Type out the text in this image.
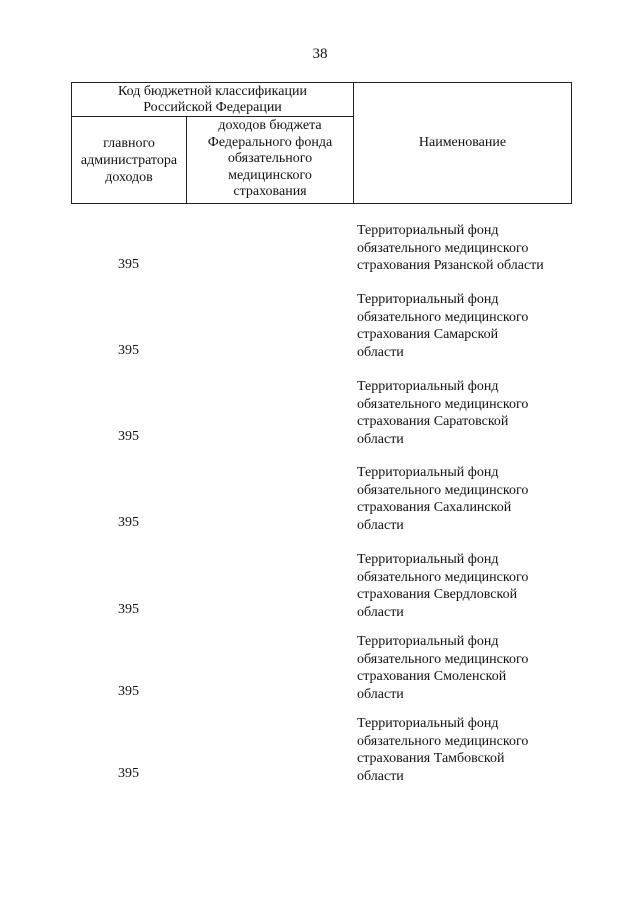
38
Код бюджетной классификации
Российской Федерации
главного
администратора
доходов
доходов бюджета
Федерального фонда
обязательного
медицинского
страхования
Наименование
395
Территориальный фонд
обязательного медицинского
страхования Рязанской области
395
Территориальный фонд
обязательного медицинского
страхования Самарской
области
395
Территориальный фонд
обязательного медицинского
страхования Саратовской
области
395
Территориальный фонд
обязательного медицинского
страхования Сахалинской
области
395
Территориальный фонд
обязательного медицинского
страхования Свердловской
области
395
Территориальный фонд
обязательного медицинского
страхования Смоленской
области
395
Территориальный фонд
обязательного медицинского
страхования Тамбовской
области
